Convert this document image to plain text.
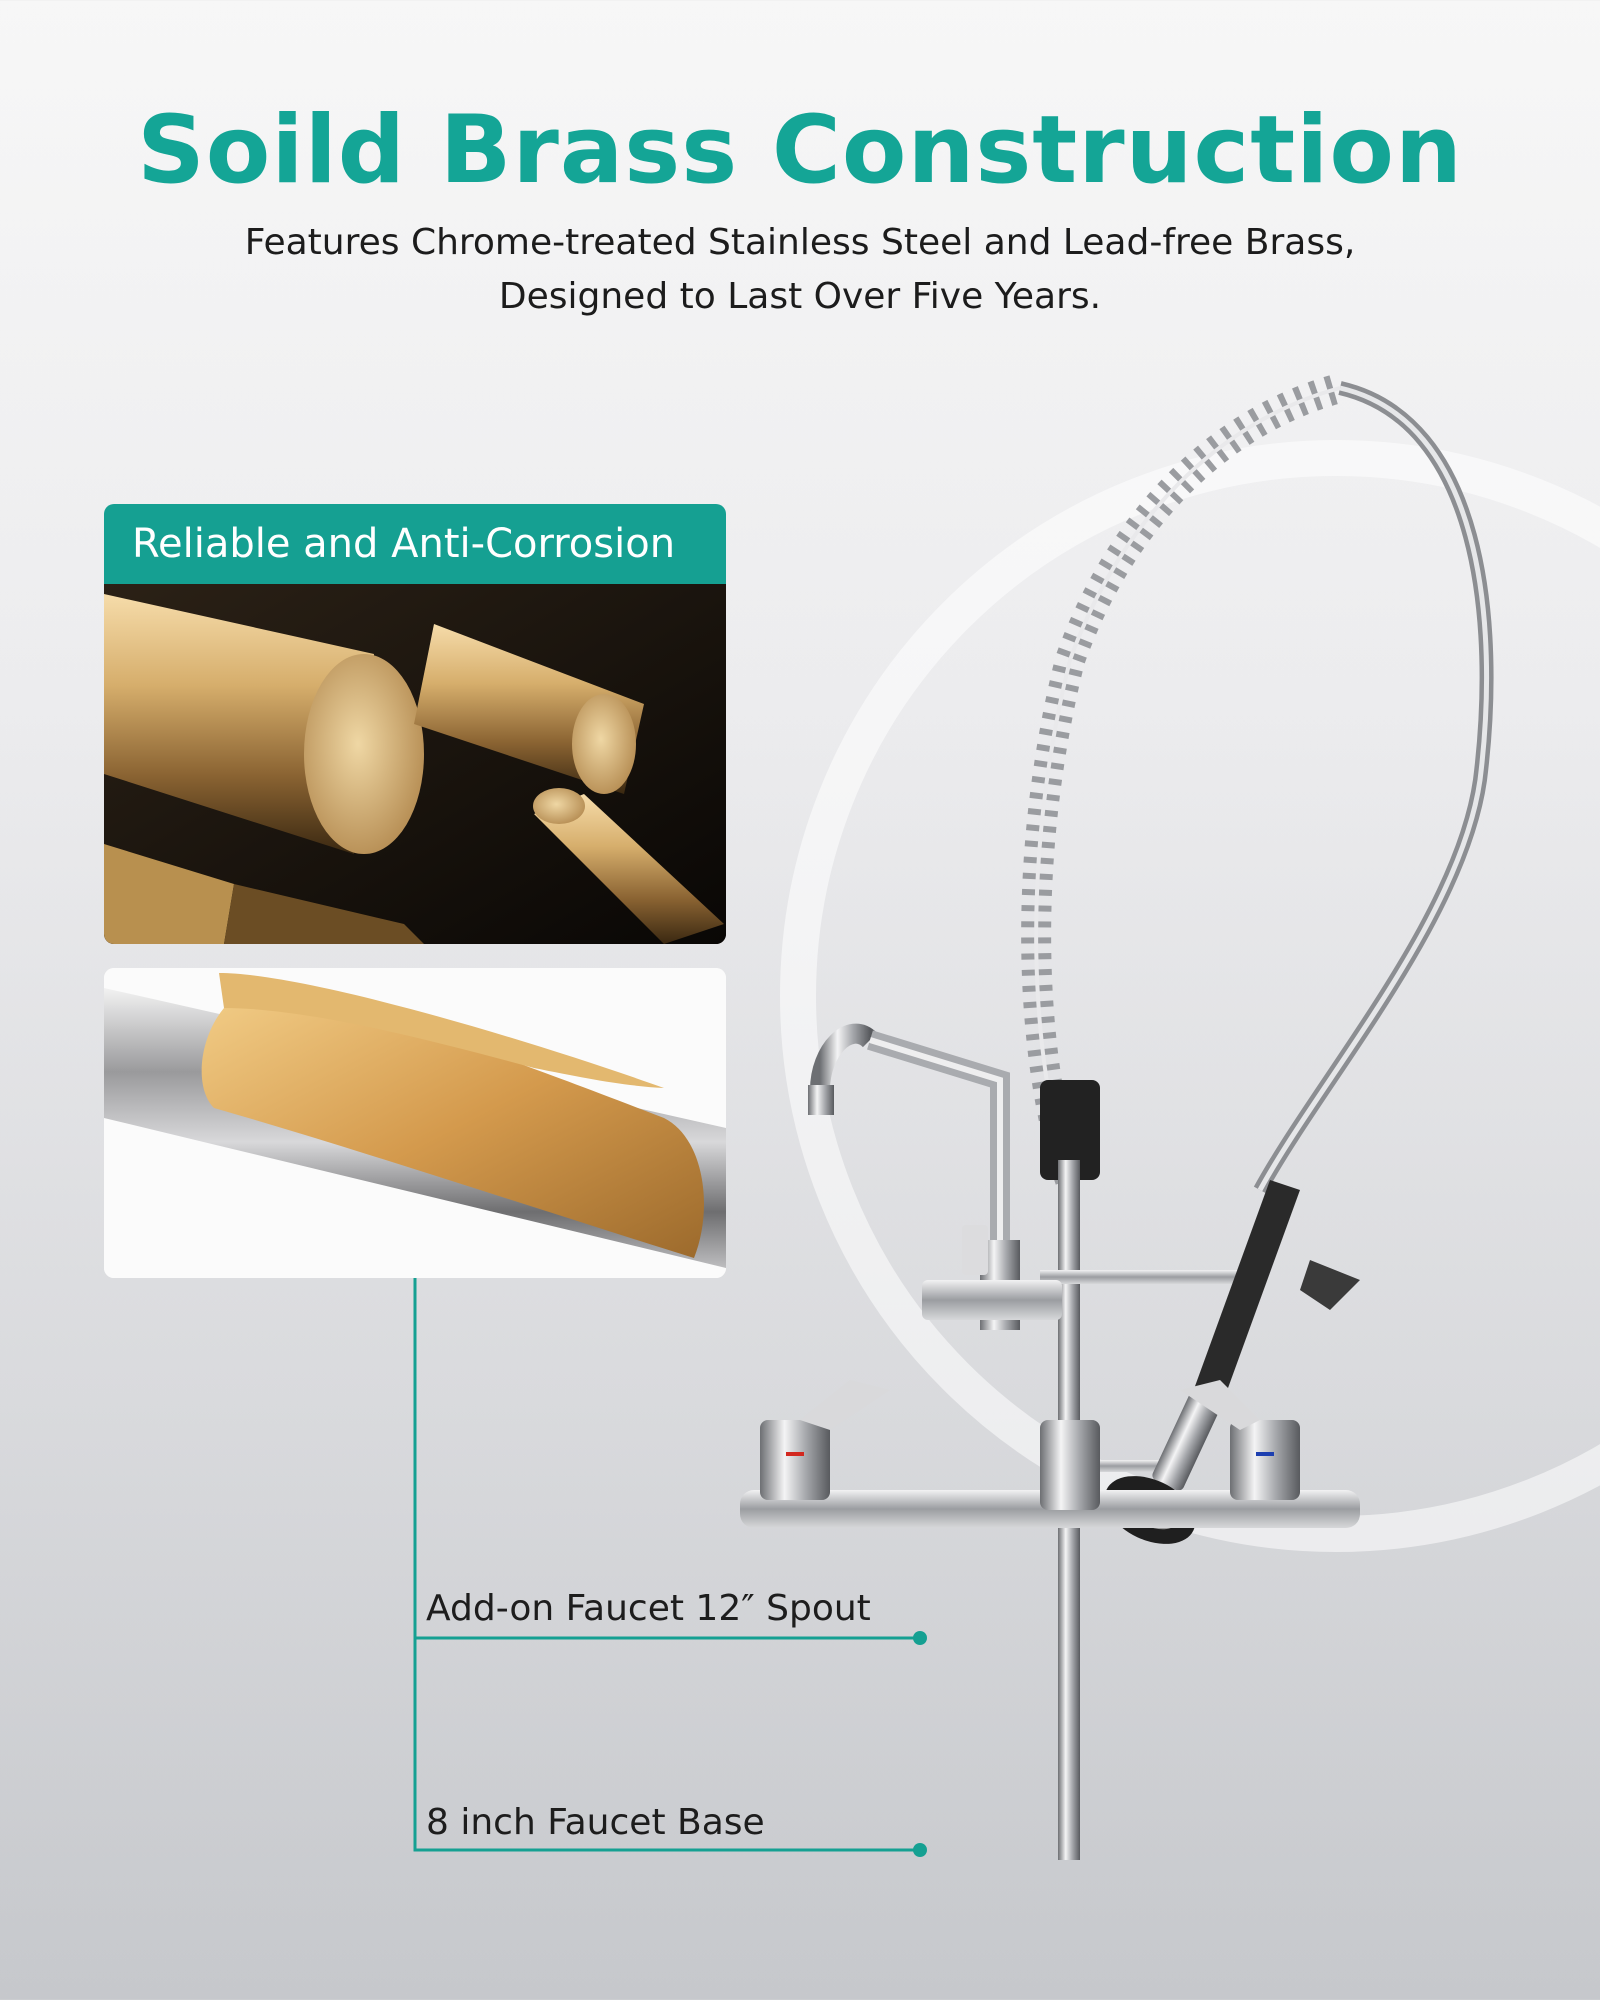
Soild Brass Construction
Features Chrome-treated Stainless Steel and Lead-free Brass,
Designed to Last Over Five Years.
Reliable and Anti-Corrosion
Add-on Faucet 12″ Spout
8 inch Faucet Base
